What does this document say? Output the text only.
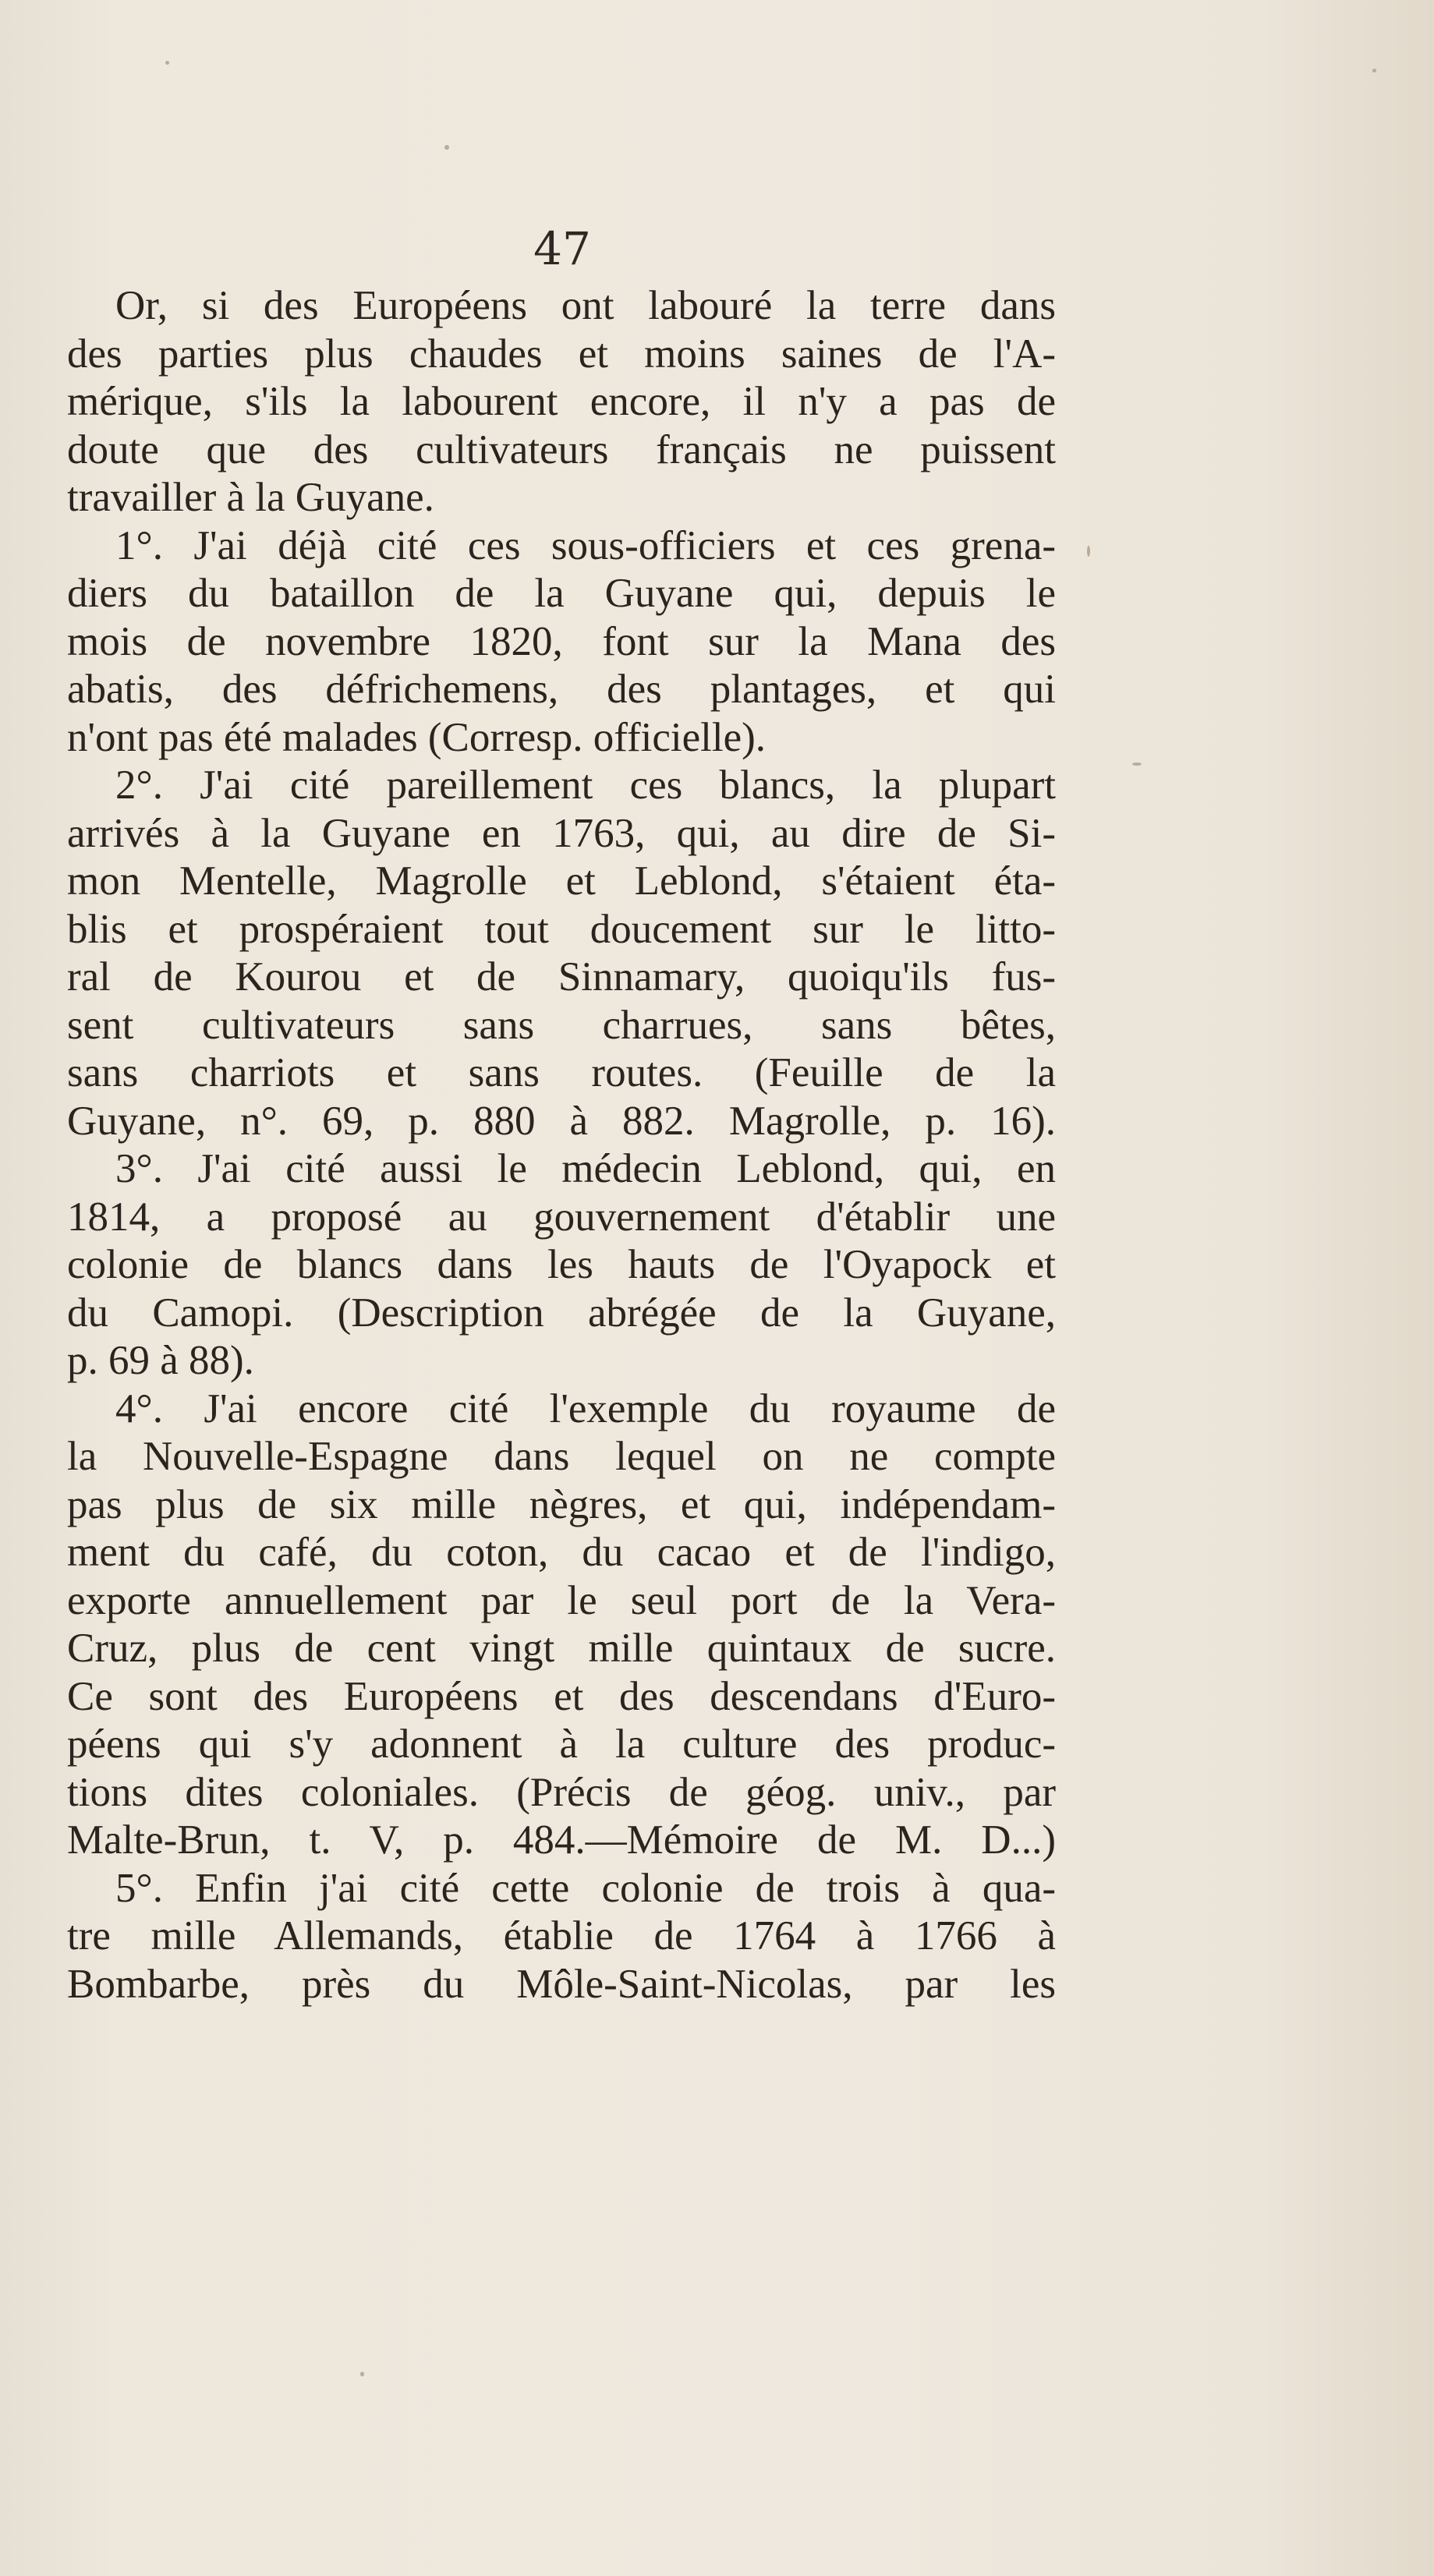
47
Or, si des Européens ont labouré la terre dans
des parties plus chaudes et moins saines de l'A-
mérique, s'ils la labourent encore, il n'y a pas de
doute que des cultivateurs français ne puissent
travailler à la Guyane.
1°. J'ai déjà cité ces sous-officiers et ces grena-
diers du bataillon de la Guyane qui, depuis le
mois de novembre 1820, font sur la Mana des
abatis, des défrichemens, des plantages, et qui
n'ont pas été malades (Corresp. officielle).
2°. J'ai cité pareillement ces blancs, la plupart
arrivés à la Guyane en 1763, qui, au dire de Si-
mon Mentelle, Magrolle et Leblond, s'étaient éta-
blis et prospéraient tout doucement sur le litto-
ral de Kourou et de Sinnamary, quoiqu'ils fus-
sent cultivateurs sans charrues, sans bêtes,
sans charriots et sans routes. (Feuille de la
Guyane, n°. 69, p. 880 à 882. Magrolle, p. 16).
3°. J'ai cité aussi le médecin Leblond, qui, en
1814, a proposé au gouvernement d'établir une
colonie de blancs dans les hauts de l'Oyapock et
du Camopi. (Description abrégée de la Guyane,
p. 69 à 88).
4°. J'ai encore cité l'exemple du royaume de
la Nouvelle-Espagne dans lequel on ne compte
pas plus de six mille nègres, et qui, indépendam-
ment du café, du coton, du cacao et de l'indigo,
exporte annuellement par le seul port de la Vera-
Cruz, plus de cent vingt mille quintaux de sucre.
Ce sont des Européens et des descendans d'Euro-
péens qui s'y adonnent à la culture des produc-
tions dites coloniales. (Précis de géog. univ., par
Malte-Brun, t. V, p. 484.—Mémoire de M. D...)
5°. Enfin j'ai cité cette colonie de trois à qua-
tre mille Allemands, établie de 1764 à 1766 à
Bombarbe, près du Môle-Saint-Nicolas, par les
